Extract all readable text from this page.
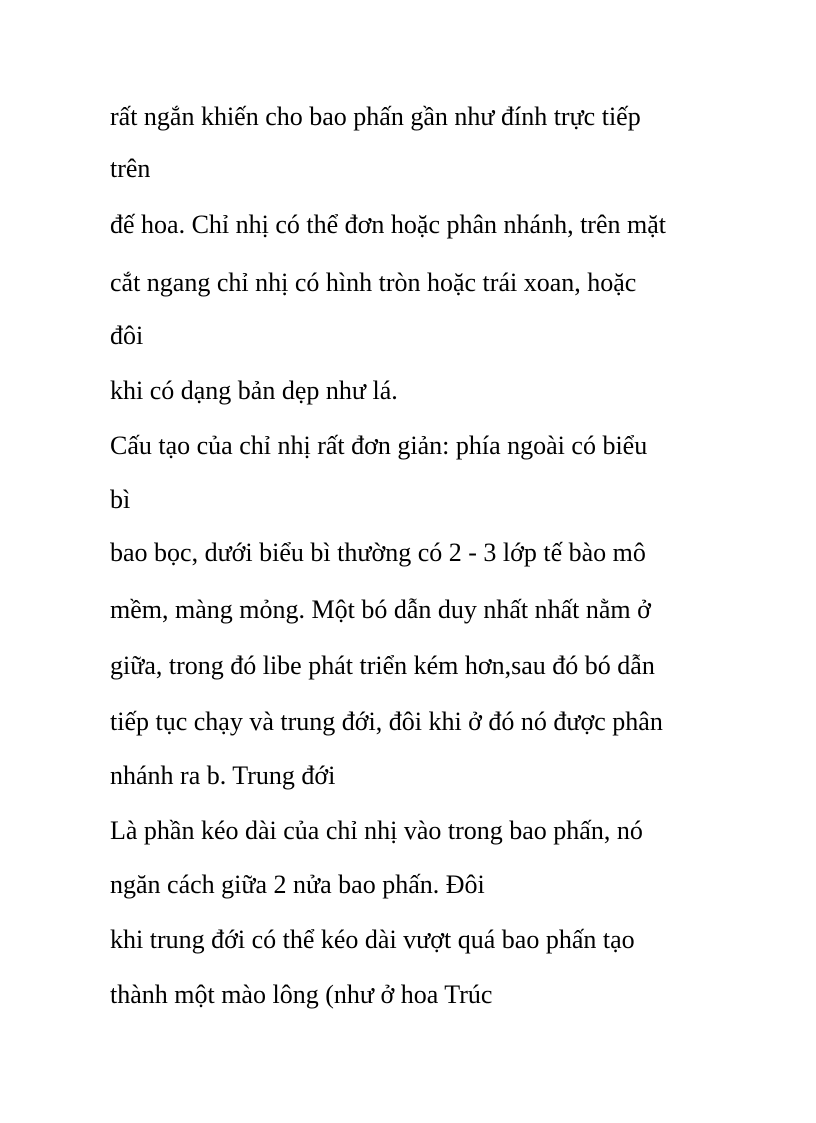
rất ngắn khiến cho bao phấn gần như đính trực tiếp
trên
đế hoa. Chỉ nhị có thể đơn hoặc phân nhánh, trên mặt
cắt ngang chỉ nhị có hình tròn hoặc trái xoan, hoặc
đôi
khi có dạng bản dẹp như lá.
Cấu tạo của chỉ nhị rất đơn giản: phía ngoài có biểu
bì
bao bọc, dưới biểu bì thường có 2 - 3 lớp tế bào mô
mềm, màng mỏng. Một bó dẫn duy nhất nhất nằm ở
giữa, trong đó libe phát triển kém hơn,sau đó bó dẫn
tiếp tục chạy và trung đới, đôi khi ở đó nó được phân
nhánh ra b. Trung đới
Là phần kéo dài của chỉ nhị vào trong bao phấn, nó
ngăn cách giữa 2 nửa bao phấn. Đôi
khi trung đới có thể kéo dài vượt quá bao phấn tạo
thành một mào lông (như ở hoa Trúc
